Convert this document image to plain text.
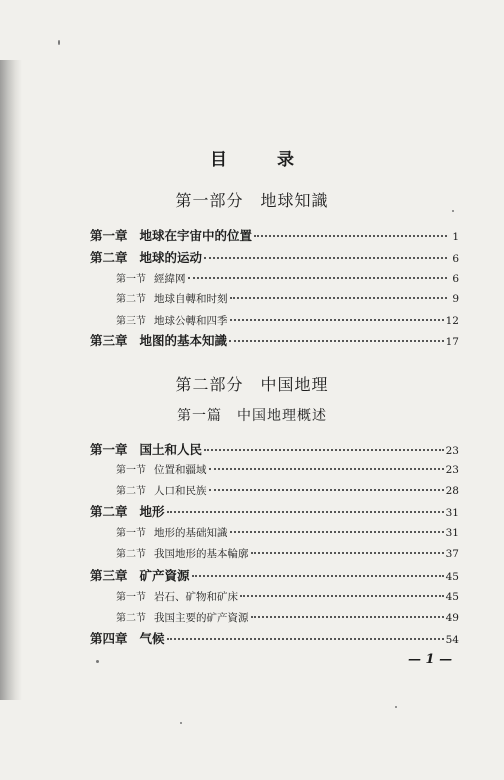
目 录
第一部分　地球知識
第一章 地球在宇宙中的位置	1
第二章 地球的运动	6
第一节 經緯网	6
第二节 地球自轉和时刻	9
第三节 地球公轉和四季	12
第三章 地图的基本知識	17
第二部分　中国地理
第一篇　中国地理概述
第一章 国土和人民	23
第一节 位置和疆域	23
第二节 人口和民族	28
第二章 地形	31
第一节 地形的基础知識	31
第二节 我国地形的基本輪廓	37
第三章 矿产資源	45
第一节 岩石、矿物和矿床	45
第二节 我国主要的矿产資源	49
第四章 气候	54
— 1 —
